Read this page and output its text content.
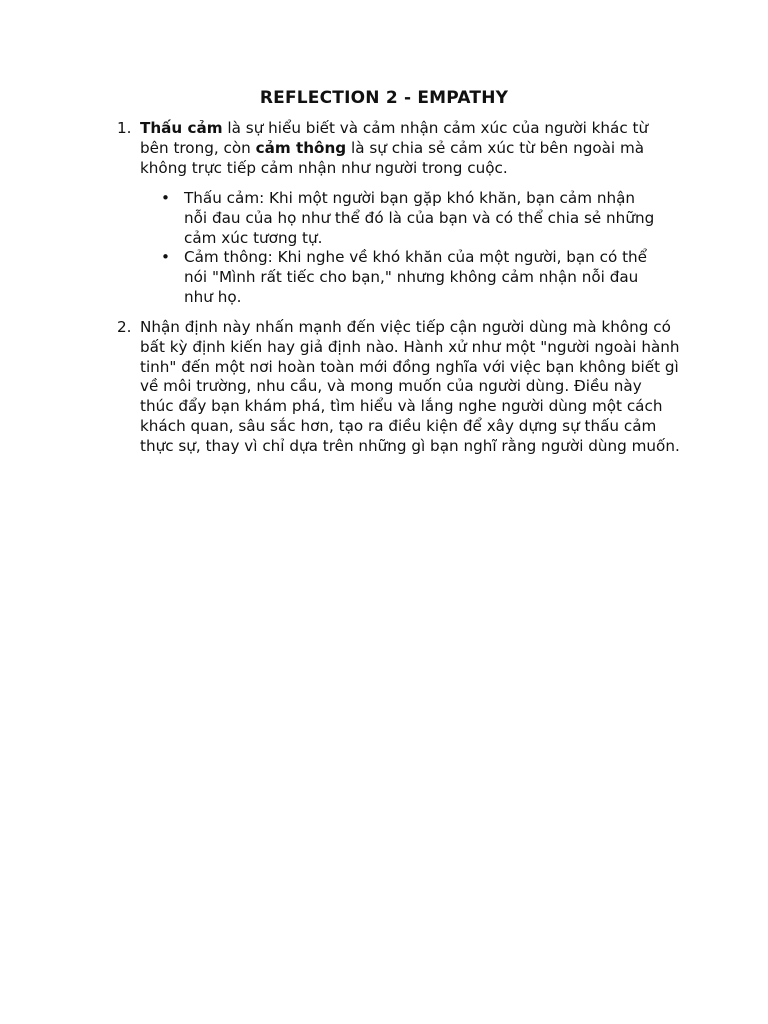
REFLECTION 2 - EMPATHY
1. Thấu cảm là sự hiểu biết và cảm nhận cảm xúc của người khác từ bên trong, còn cảm thông là sự chia sẻ cảm xúc từ bên ngoài mà không trực tiếp cảm nhận như người trong cuộc.

• Thấu cảm: Khi một người bạn gặp khó khăn, bạn cảm nhận nỗi đau của họ như thể đó là của bạn và có thể chia sẻ những cảm xúc tương tự.
• Cảm thông: Khi nghe về khó khăn của một người, bạn có thể nói "Mình rất tiếc cho bạn," nhưng không cảm nhận nỗi đau như họ.
2. Nhận định này nhấn mạnh đến việc tiếp cận người dùng mà không có bất kỳ định kiến hay giả định nào. Hành xử như một "người ngoài hành tinh" đến một nơi hoàn toàn mới đồng nghĩa với việc bạn không biết gì về môi trường, nhu cầu, và mong muốn của người dùng. Điều này thúc đẩy bạn khám phá, tìm hiểu và lắng nghe người dùng một cách khách quan, sâu sắc hơn, tạo ra điều kiện để xây dựng sự thấu cảm thực sự, thay vì chỉ dựa trên những gì bạn nghĩ rằng người dùng muốn.
